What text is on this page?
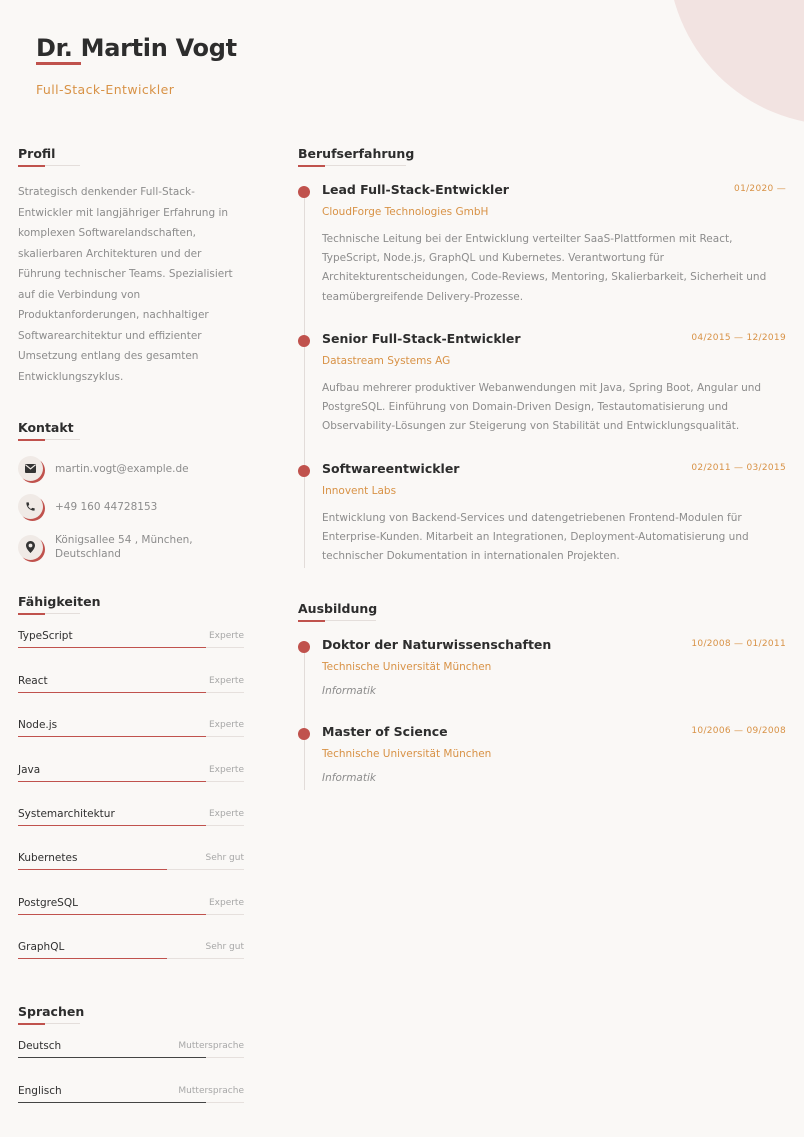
Dr. Martin Vogt
Full-Stack-Entwickler
Profil
Strategisch denkender Full-Stack-Entwickler mit langjähriger Erfahrung in komplexen Softwarelandschaften, skalierbaren Architekturen und der Führung technischer Teams. Spezialisiert auf die Verbindung von Produktanforderungen, nachhaltiger Softwarearchitektur und effizienter Umsetzung entlang des gesamten Entwicklungszyklus.
Kontakt
martin.vogt@example.de
+49 160 44728153
Königsallee 54 , München, Deutschland
Fähigkeiten
TypeScript	Experte
React	Experte
Node.js	Experte
Java	Experte
Systemarchitektur	Experte
Kubernetes	Sehr gut
PostgreSQL	Experte
GraphQL	Sehr gut
Sprachen
Deutsch	Muttersprache
Englisch	Muttersprache
Berufserfahrung
Lead Full-Stack-Entwickler	01/2020 —
CloudForge Technologies GmbH
Technische Leitung bei der Entwicklung verteilter SaaS-Plattformen mit React, TypeScript, Node.js, GraphQL und Kubernetes. Verantwortung für Architekturentscheidungen, Code-Reviews, Mentoring, Skalierbarkeit, Sicherheit und teamübergreifende Delivery-Prozesse.
Senior Full-Stack-Entwickler	04/2015 — 12/2019
Datastream Systems AG
Aufbau mehrerer produktiver Webanwendungen mit Java, Spring Boot, Angular und PostgreSQL. Einführung von Domain-Driven Design, Testautomatisierung und Observability-Lösungen zur Steigerung von Stabilität und Entwicklungsqualität.
Softwareentwickler	02/2011 — 03/2015
Innovent Labs
Entwicklung von Backend-Services und datengetriebenen Frontend-Modulen für Enterprise-Kunden. Mitarbeit an Integrationen, Deployment-Automatisierung und technischer Dokumentation in internationalen Projekten.
Ausbildung
Doktor der Naturwissenschaften	10/2008 — 01/2011
Technische Universität München
Informatik
Master of Science	10/2006 — 09/2008
Technische Universität München
Informatik
